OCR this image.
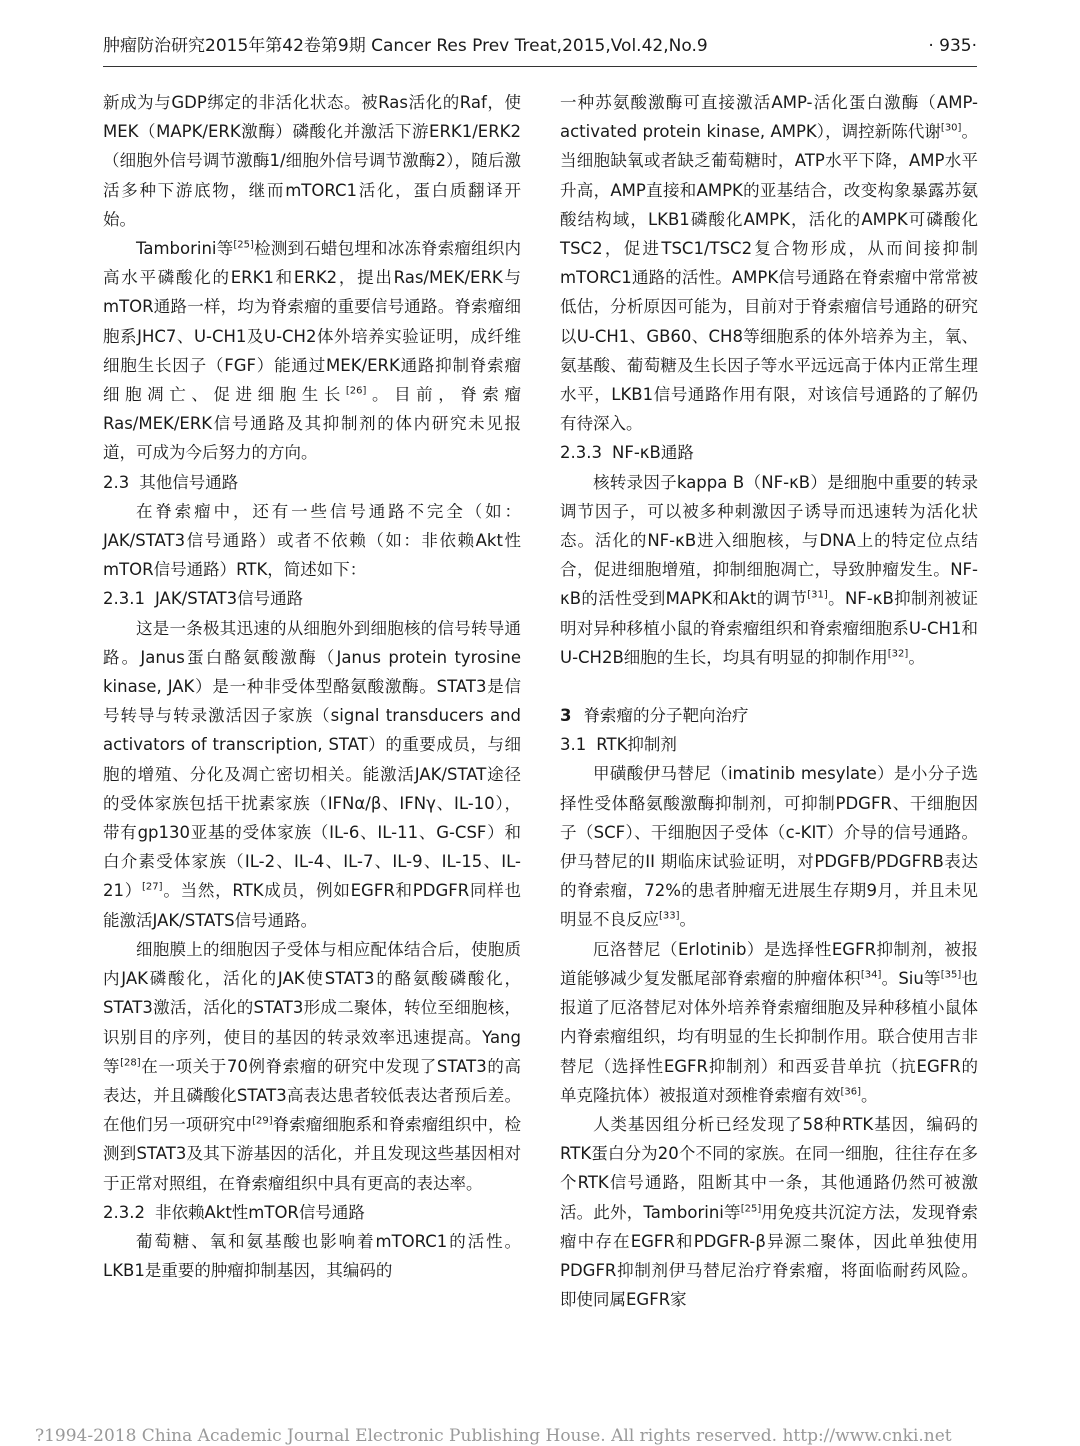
肿瘤防治研究2015年第42卷第9期 Cancer Res Prev Treat,2015,Vol.42,No.9	· 935·

新成为与GDP绑定的非活化状态。被Ras活化的Raf，使MEK（MAPK/ERK激酶）磷酸化并激活下游ERK1/ERK2（细胞外信号调节激酶1/细胞外信号调节激酶2），随后激活多种下游底物，继而mTORC1活化，蛋白质翻译开始。

Tamborini等[25]检测到石蜡包埋和冰冻脊索瘤组织内高水平磷酸化的ERK1和ERK2，提出Ras/MEK/ERK与mTOR通路一样，均为脊索瘤的重要信号通路。脊索瘤细胞系JHC7、U-CH1及U-CH2体外培养实验证明，成纤维细胞生长因子（FGF）能通过MEK/ERK通路抑制脊索瘤细胞凋亡、促进细胞生长[26]。目前，脊索瘤Ras/MEK/ERK信号通路及其抑制剂的体内研究未见报道，可成为今后努力的方向。

2.3 其他信号通路

在脊索瘤中，还有一些信号通路不完全（如：JAK/STAT3信号通路）或者不依赖（如：非依赖Akt性mTOR信号通路）RTK，简述如下：

2.3.1 JAK/STAT3信号通路

这是一条极其迅速的从细胞外到细胞核的信号转导通路。Janus蛋白酪氨酸激酶（Janus protein tyrosine kinase, JAK）是一种非受体型酪氨酸激酶。STAT3是信号转导与转录激活因子家族（signal transducers and activators of transcription, STAT）的重要成员，与细胞的增殖、分化及凋亡密切相关。能激活JAK/STAT途径的受体家族包括干扰素家族（IFNα/β、IFNγ、IL-10），带有gp130亚基的受体家族（IL-6、IL-11、G-CSF）和白介素受体家族（IL-2、IL-4、IL-7、IL-9、IL-15、IL-21）[27]。当然，RTK成员，例如EGFR和PDGFR同样也能激活JAK/STATS信号通路。

细胞膜上的细胞因子受体与相应配体结合后，使胞质内JAK磷酸化，活化的JAK使STAT3的酪氨酸磷酸化，STAT3激活，活化的STAT3形成二聚体，转位至细胞核，识别目的序列，使目的基因的转录效率迅速提高。Yang等[28]在一项关于70例脊索瘤的研究中发现了STAT3的高表达，并且磷酸化STAT3高表达患者较低表达者预后差。在他们另一项研究中[29]脊索瘤细胞系和脊索瘤组织中，检测到STAT3及其下游基因的活化，并且发现这些基因相对于正常对照组，在脊索瘤组织中具有更高的表达率。

2.3.2 非依赖Akt性mTOR信号通路

葡萄糖、氧和氨基酸也影响着mTORC1的活性。LKB1是重要的肿瘤抑制基因，其编码的

一种苏氨酸激酶可直接激活AMP-活化蛋白激酶（AMP-activated protein kinase, AMPK），调控新陈代谢[30]。当细胞缺氧或者缺乏葡萄糖时，ATP水平下降，AMP水平升高，AMP直接和AMPK的亚基结合，改变构象暴露苏氨酸结构域，LKB1磷酸化AMPK，活化的AMPK可磷酸化TSC2，促进TSC1/TSC2复合物形成，从而间接抑制mTORC1通路的活性。AMPK信号通路在脊索瘤中常常被低估，分析原因可能为，目前对于脊索瘤信号通路的研究以U-CH1、GB60、CH8等细胞系的体外培养为主，氧、氨基酸、葡萄糖及生长因子等水平远远高于体内正常生理水平，LKB1信号通路作用有限，对该信号通路的了解仍有待深入。

2.3.3 NF-κB通路

核转录因子kappa B（NF-κB）是细胞中重要的转录调节因子，可以被多种刺激因子诱导而迅速转为活化状态。活化的NF-κB进入细胞核，与DNA上的特定位点结合，促进细胞增殖，抑制细胞凋亡，导致肿瘤发生。NF-κB的活性受到MAPK和Akt的调节[31]。NF-κB抑制剂被证明对异种移植小鼠的脊索瘤组织和脊索瘤细胞系U-CH1和U-CH2B细胞的生长，均具有明显的抑制作用[32]。

3 脊索瘤的分子靶向治疗
3.1 RTK抑制剂

甲磺酸伊马替尼（imatinib mesylate）是小分子选择性受体酪氨酸激酶抑制剂，可抑制PDGFR、干细胞因子（SCF）、干细胞因子受体（c-KIT）介导的信号通路。伊马替尼的II 期临床试验证明，对PDGFB/PDGFRB表达的脊索瘤，72%的患者肿瘤无进展生存期9月，并且未见明显不良反应[33]。

厄洛替尼（Erlotinib）是选择性EGFR抑制剂，被报道能够减少复发骶尾部脊索瘤的肿瘤体积[34]。Siu等[35]也报道了厄洛替尼对体外培养脊索瘤细胞及异种移植小鼠体内脊索瘤组织，均有明显的生长抑制作用。联合使用吉非替尼（选择性EGFR抑制剂）和西妥昔单抗（抗EGFR的单克隆抗体）被报道对颈椎脊索瘤有效[36]。

人类基因组分析已经发现了58种RTK基因，编码的RTK蛋白分为20个不同的家族。在同一细胞，往往存在多个RTK信号通路，阻断其中一条，其他通路仍然可被激活。此外，Tamborini等[25]用免疫共沉淀方法，发现脊索瘤中存在EGFR和PDGFR-β异源二聚体，因此单独使用PDGFR抑制剂伊马替尼治疗脊索瘤，将面临耐药风险。即使同属EGFR家

?1994-2018 China Academic Journal Electronic Publishing House. All rights reserved. http://www.cnki.net
